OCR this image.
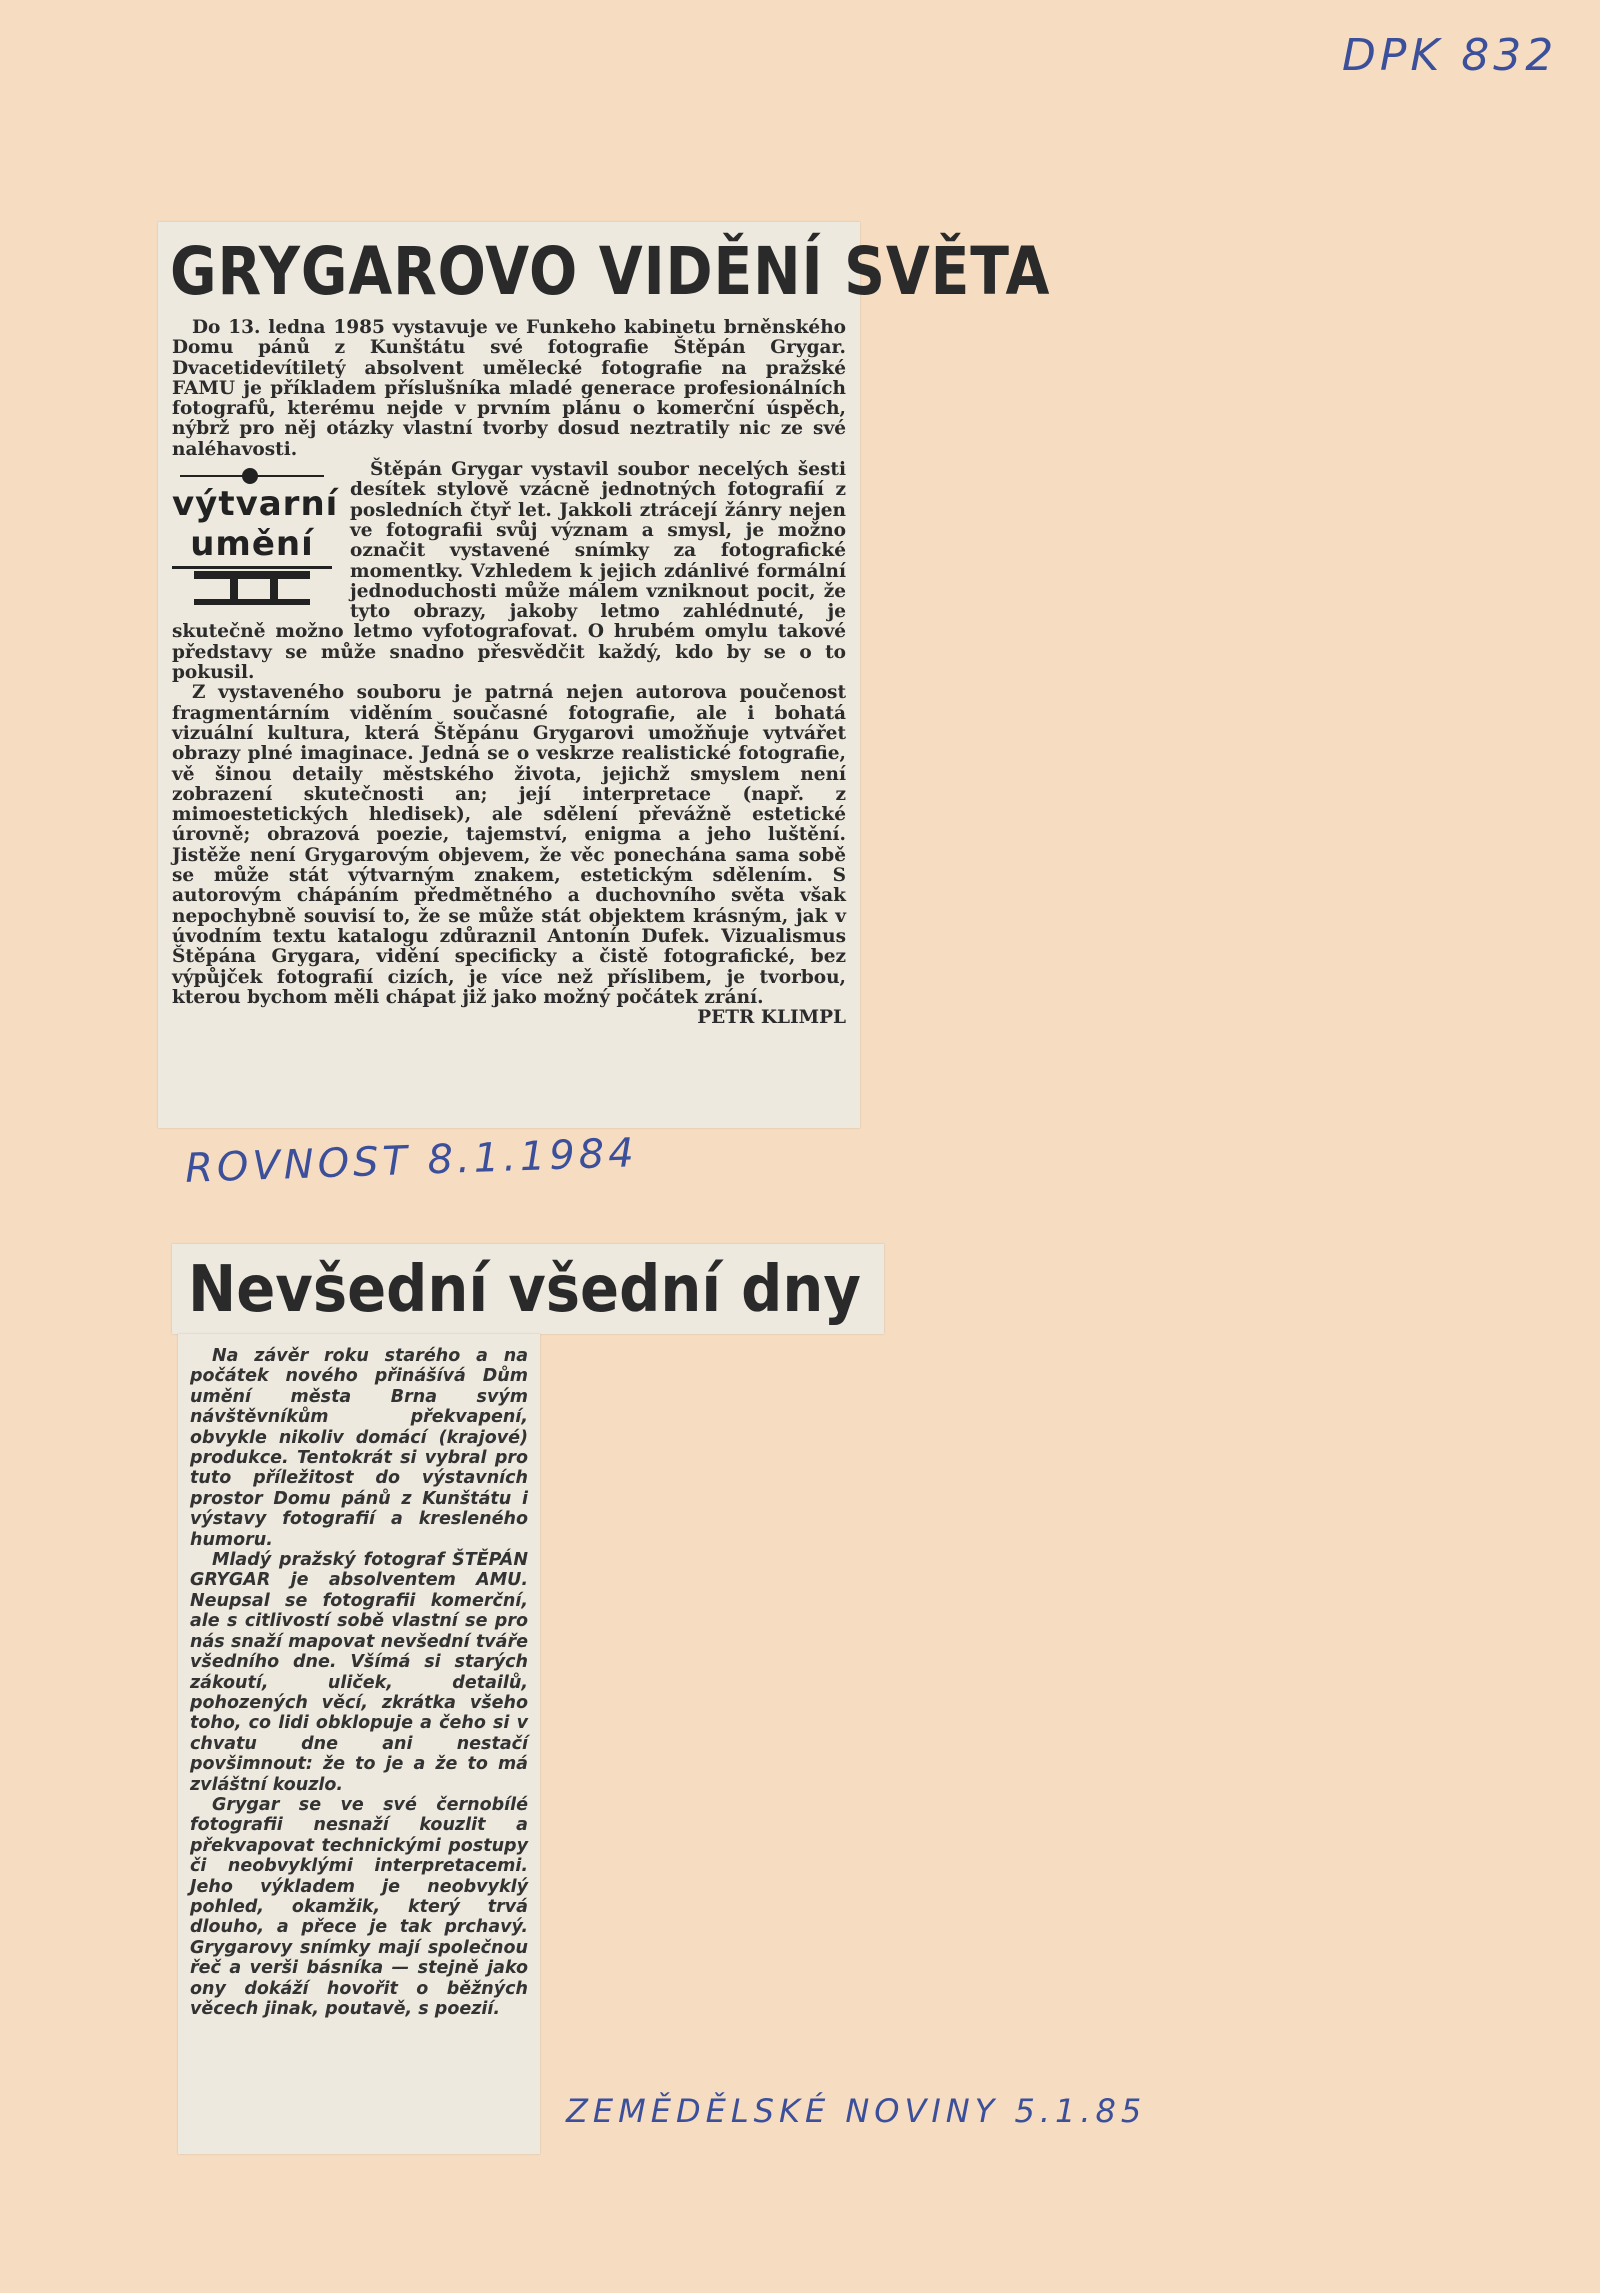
DPK 832
GRYGAROVO VIDĚNÍ SVĚTA

Do 13. ledna 1985 vystavuje ve Funkeho kabinetu brněnského Domu pánů z Kunštátu své fotografie Štěpán Grygar. Dvacetidevítiletý absolvent umělecké fotografie na pražské FAMU je příkladem příslušníka mladé generace profesionálních fotografů, kterému nejde v prvním plánu o komerční úspěch, nýbrž pro něj otázky vlastní tvorby dosud neztratily nic ze své naléhavosti.

výtvarní
umění

Štěpán Grygar vystavil soubor necelých šesti desítek stylově vzácně jednotných fotografií z posledních čtyř let. Jakkoli ztrácejí žánry nejen ve fotografii svůj význam a smysl, je možno označit vystavené snímky za fotografické momentky. Vzhledem k jejich zdánlivé formální jednoduchosti může málem vzniknout pocit, že tyto obrazy, jakoby letmo zahlédnuté, je skutečně možno letmo vyfotografovat. O hrubém omylu takové představy se může snadno přesvědčit každý, kdo by se o to pokusil.

Z vystaveného souboru je patrná nejen autorova poučenost fragmentárním viděním současné fotografie, ale i bohatá vizuální kultura, která Štěpánu Grygarovi umožňuje vytvářet obrazy plné imaginace. Jedná se o veskrze realistické fotografie, vě šinou detaily městského života, jejichž smyslem není zobrazení skutečnosti an; její interpretace (např. z mimoestetických hledisek), ale sdělení převážně estetické úrovně; obrazová poezie, tajemství, enigma a jeho luštění. Jistěže není Grygarovým objevem, že věc ponechána sama sobě se může stát výtvarným znakem, estetickým sdělením. S autorovým chápáním předmětného a duchovního světa však nepochybně souvisí to, že se může stát objektem krásným, jak v úvodním textu katalogu zdůraznil Antonín Dufek. Vizualismus Štěpána Grygara, vidění specificky a čistě fotografické, bez výpůjček fotografií cizích, je více než příslibem, je tvorbou, kterou bychom měli chápat již jako možný počátek zrání.

PETR KLIMPL

ROVNOST 8.1.1984
Nevšední všední dny

Na závěr roku starého a na počátek nového přinášívá Dům umění města Brna svým návštěvníkům překvapení, obvykle nikoliv domácí (krajové) produkce. Tentokrát si vybral pro tuto příležitost do výstavních prostor Domu pánů z Kunštátu i výstavy fotografií a kresleného humoru.

Mladý pražský fotograf ŠTĚPÁN GRYGAR je absolventem AMU. Neupsal se fotografii komerční, ale s citlivostí sobě vlastní se pro nás snaží mapovat nevšední tváře všedního dne. Všímá si starých zákoutí, uliček, detailů, pohozených věcí, zkrátka všeho toho, co lidi obklopuje a čeho si v chvatu dne ani nestačí povšimnout: že to je a že to má zvláštní kouzlo.

Grygar se ve své černobílé fotografii nesnaží kouzlit a překvapovat technickými postupy či neobvyklými interpretacemi. Jeho výkladem je neobvyklý pohled, okamžik, který trvá dlouho, a přece je tak prchavý. Grygarovy snímky mají společnou řeč a verši básníka — stejně jako ony dokáží hovořit o běžných věcech jinak, poutavě, s poezií.

ZEMĚDĚLSKÉ NOVINY 5.1.85
